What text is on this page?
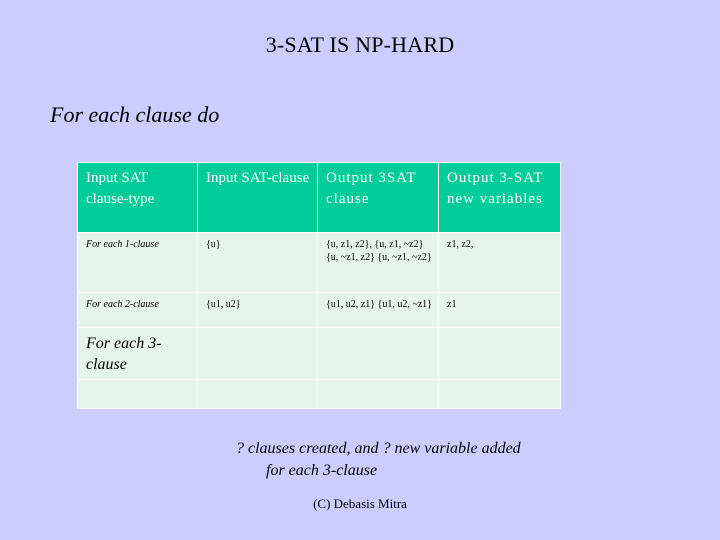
3-SAT IS NP-HARD
For each clause do
Input SAT clause-type	Input SAT-clause	Output 3SAT clause	Output 3-SAT new variables
For each 1-clause	{u}	{u, z1, z2}, {u, z1, ~z2} {u, ~z1, z2} {u, ~z1, ~z2}	z1, z2,
For each 2-clause	{u1, u2}	{u1, u2, z1} {u1, u2, ~z1}	z1
For each 3-clause			

? clauses created, and ? new variable added
for each 3-clause
(C) Debasis Mitra
